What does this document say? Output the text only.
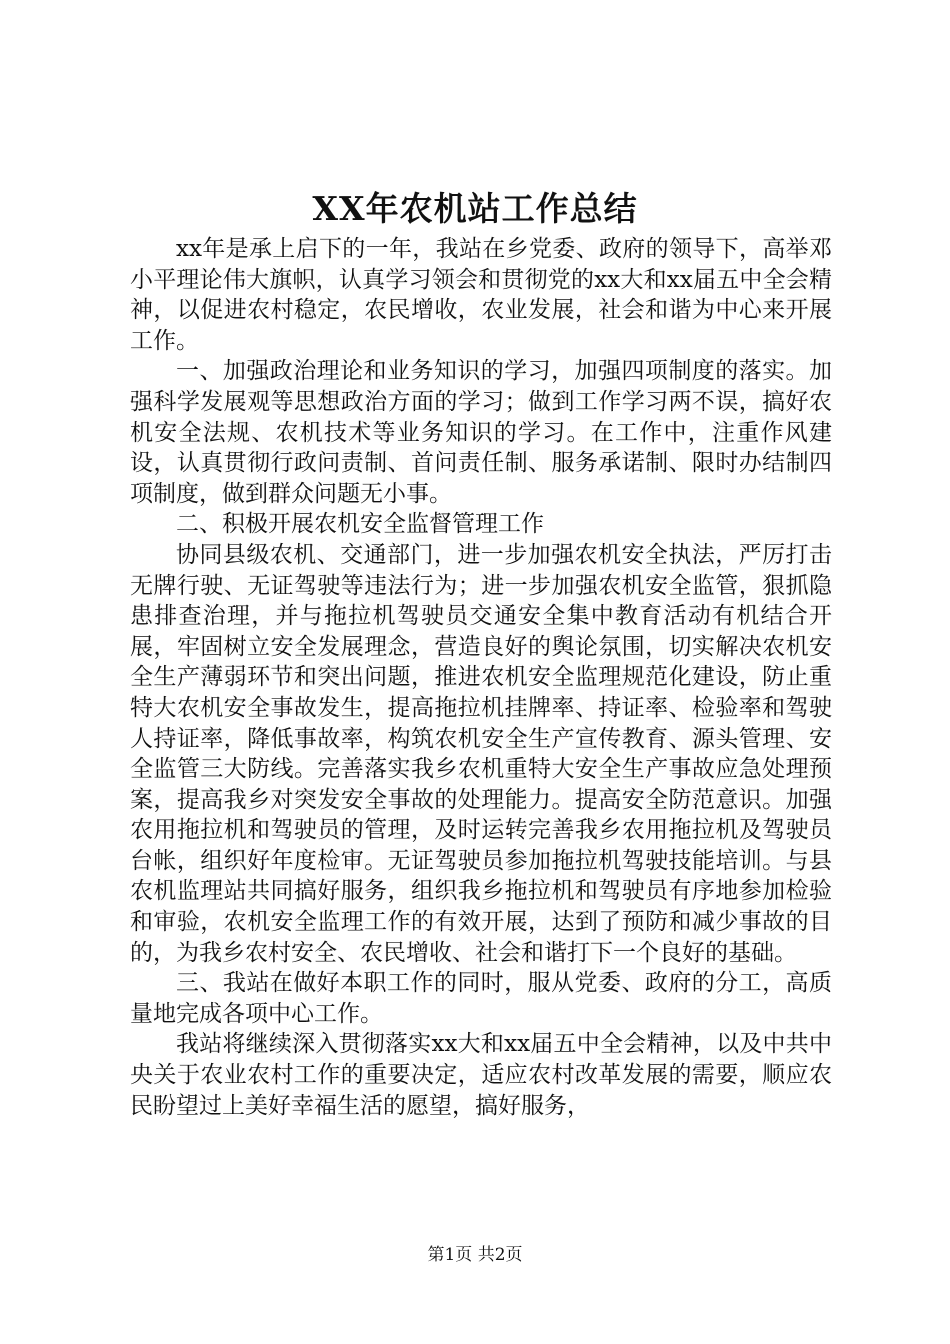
XX年农机站工作总结

xx年是承上启下的一年，我站在乡党委、政府的领导下，高举邓小平理论伟大旗帜，认真学习领会和贯彻党的xx大和xx届五中全会精神，以促进农村稳定，农民增收，农业发展，社会和谐为中心来开展工作。

一、加强政治理论和业务知识的学习，加强四项制度的落实。加强科学发展观等思想政治方面的学习；做到工作学习两不误，搞好农机安全法规、农机技术等业务知识的学习。在工作中，注重作风建设，认真贯彻行政问责制、首问责任制、服务承诺制、限时办结制四项制度，做到群众问题无小事。

二、积极开展农机安全监督管理工作

协同县级农机、交通部门，进一步加强农机安全执法，严厉打击无牌行驶、无证驾驶等违法行为；进一步加强农机安全监管，狠抓隐患排查治理，并与拖拉机驾驶员交通安全集中教育活动有机结合开展，牢固树立安全发展理念，营造良好的舆论氛围，切实解决农机安全生产薄弱环节和突出问题，推进农机安全监理规范化建设，防止重特大农机安全事故发生，提高拖拉机挂牌率、持证率、检验率和驾驶人持证率，降低事故率，构筑农机安全生产宣传教育、源头管理、安全监管三大防线。完善落实我乡农机重特大安全生产事故应急处理预案，提高我乡对突发安全事故的处理能力。提高安全防范意识。加强农用拖拉机和驾驶员的管理，及时运转完善我乡农用拖拉机及驾驶员台帐，组织好年度检审。无证驾驶员参加拖拉机驾驶技能培训。与县农机监理站共同搞好服务，组织我乡拖拉机和驾驶员有序地参加检验和审验，农机安全监理工作的有效开展，达到了预防和减少事故的目的，为我乡农村安全、农民增收、社会和谐打下一个良好的基础。

三、我站在做好本职工作的同时，服从党委、政府的分工，高质量地完成各项中心工作。

我站将继续深入贯彻落实xx大和xx届五中全会精神，以及中共中央关于农业农村工作的重要决定，适应农村改革发展的需要，顺应农民盼望过上美好幸福生活的愿望，搞好服务，

第1页 共2页
